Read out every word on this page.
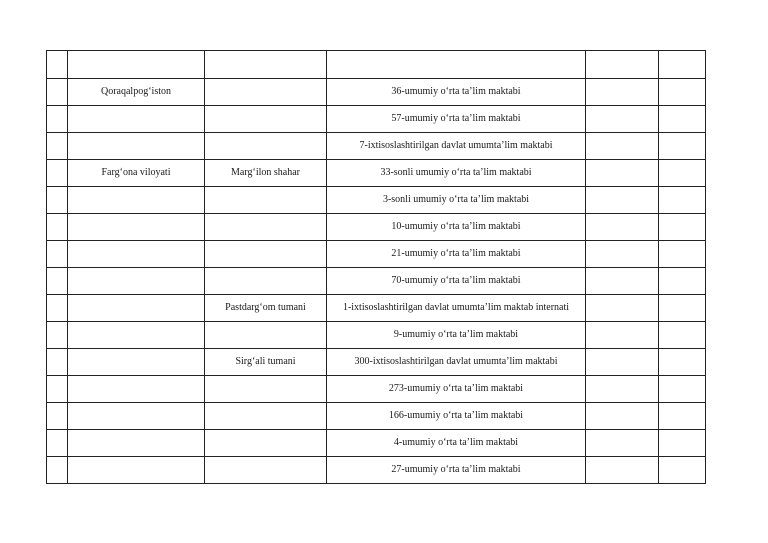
	Qoraqalpog‘iston		36-umumiy o‘rta ta’lim maktabi		
			57-umumiy o‘rta ta’lim maktabi		
			7-ixtisoslashtirilgan davlat umumta’lim maktabi		
	Farg‘ona viloyati	Marg‘ilon shahar	33-sonli umumiy o‘rta ta’lim maktabi		
			3-sonli umumiy o‘rta ta’lim maktabi		
			10-umumiy o‘rta ta’lim maktabi		
			21-umumiy o‘rta ta’lim maktabi		
			70-umumiy o‘rta ta’lim maktabi		
		Pastdarg‘om tumani	1-ixtisoslashtirilgan davlat umumta’lim maktab internati		
			9-umumiy o‘rta ta’lim maktabi		
		Sirg‘ali tumani	300-ixtisoslashtirilgan davlat umumta’lim maktabi		
			273-umumiy o‘rta ta’lim maktabi		
			166-umumiy o‘rta ta’lim maktabi		
			4-umumiy o‘rta ta’lim maktabi		
			27-umumiy o‘rta ta’lim maktabi		
